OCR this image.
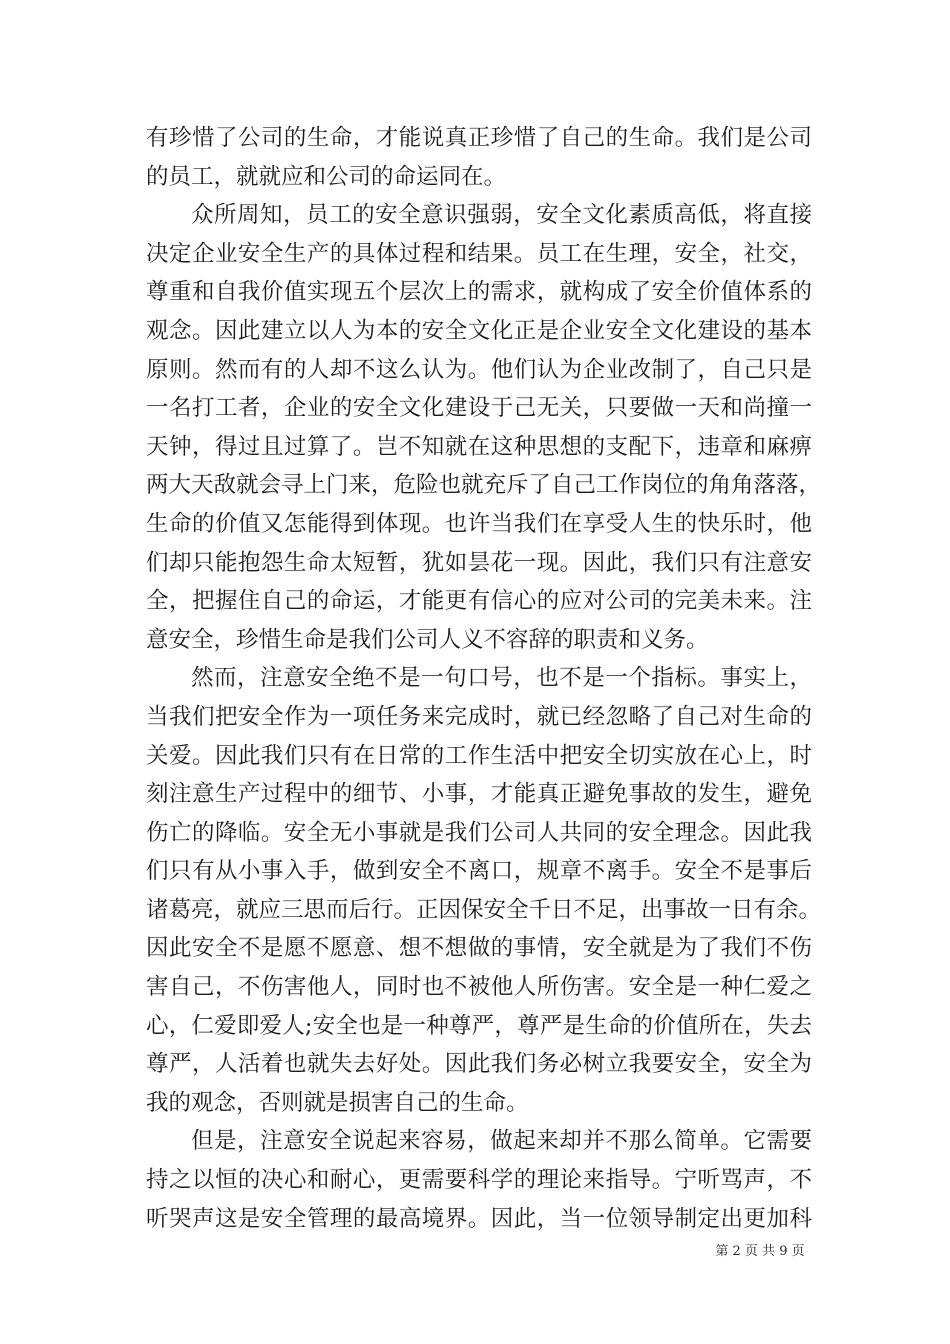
有珍惜了公司的生命，才能说真正珍惜了自己的生命。我们是公司
的员工，就就应和公司的命运同在。
众所周知，员工的安全意识强弱，安全文化素质高低，将直接
决定企业安全生产的具体过程和结果。员工在生理，安全，社交，
尊重和自我价值实现五个层次上的需求，就构成了安全价值体系的
观念。因此建立以人为本的安全文化正是企业安全文化建设的基本
原则。然而有的人却不这么认为。他们认为企业改制了，自己只是
一名打工者，企业的安全文化建设于己无关，只要做一天和尚撞一
天钟，得过且过算了。岂不知就在这种思想的支配下，违章和麻痹
两大天敌就会寻上门来，危险也就充斥了自己工作岗位的角角落落，
生命的价值又怎能得到体现。也许当我们在享受人生的快乐时，他
们却只能抱怨生命太短暂，犹如昙花一现。因此，我们只有注意安
全，把握住自己的命运，才能更有信心的应对公司的完美未来。注
意安全，珍惜生命是我们公司人义不容辞的职责和义务。
然而，注意安全绝不是一句口号，也不是一个指标。事实上，
当我们把安全作为一项任务来完成时，就已经忽略了自己对生命的
关爱。因此我们只有在日常的工作生活中把安全切实放在心上，时
刻注意生产过程中的细节、小事，才能真正避免事故的发生，避免
伤亡的降临。安全无小事就是我们公司人共同的安全理念。因此我
们只有从小事入手，做到安全不离口，规章不离手。安全不是事后
诸葛亮，就应三思而后行。正因保安全千日不足，出事故一日有余。
因此安全不是愿不愿意、想不想做的事情，安全就是为了我们不伤
害自己，不伤害他人，同时也不被他人所伤害。安全是一种仁爱之
心，仁爱即爱人;安全也是一种尊严，尊严是生命的价值所在，失去
尊严，人活着也就失去好处。因此我们务必树立我要安全，安全为
我的观念，否则就是损害自己的生命。
但是，注意安全说起来容易，做起来却并不那么简单。它需要
持之以恒的决心和耐心，更需要科学的理论来指导。宁听骂声，不
听哭声这是安全管理的最高境界。因此，当一位领导制定出更加科
第 2 页 共 9 页
